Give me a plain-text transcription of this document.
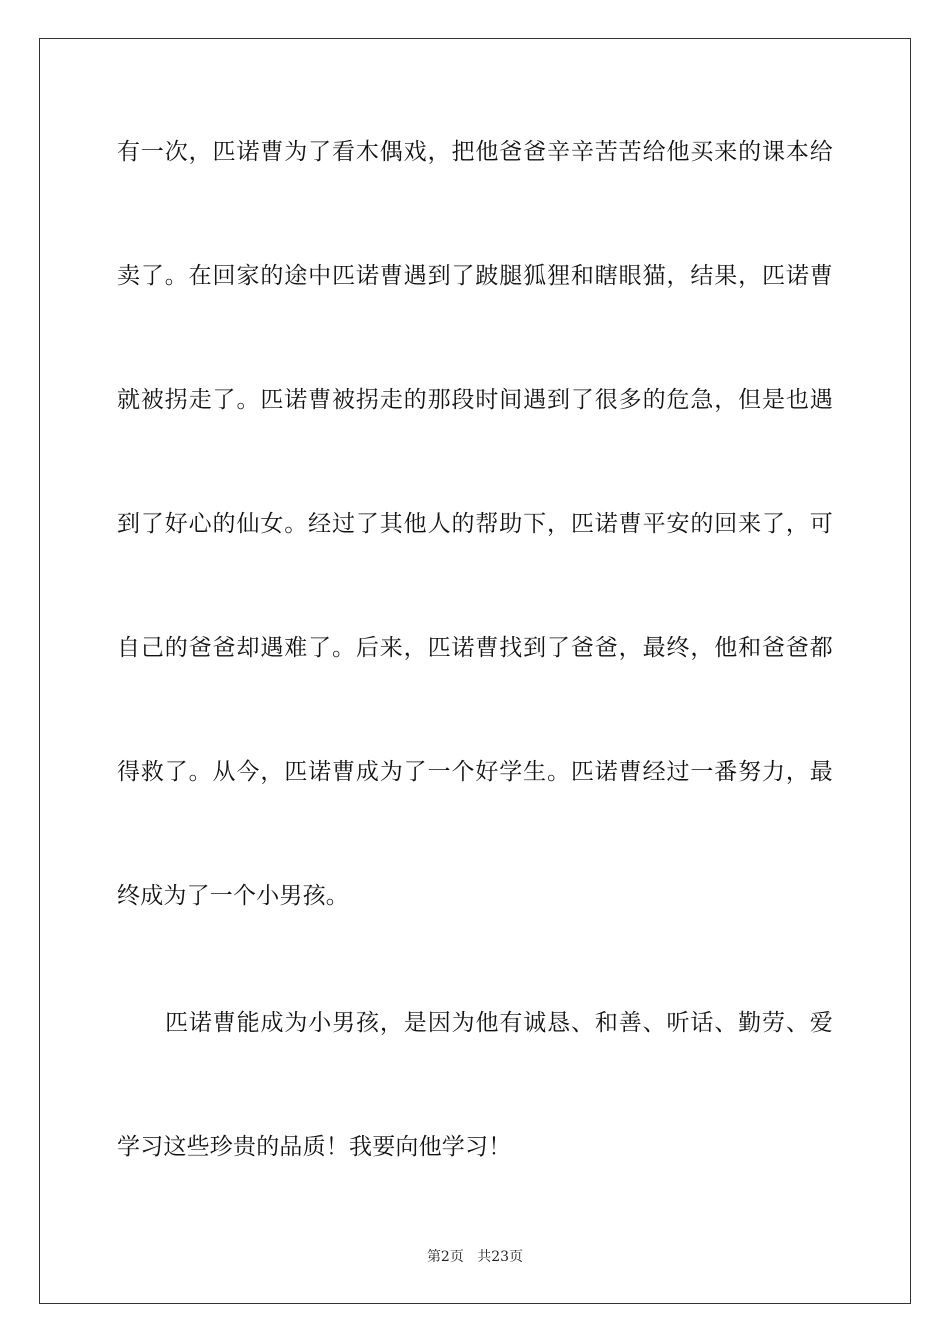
有一次，匹诺曹为了看木偶戏，把他爸爸辛辛苦苦给他买来的课本给
卖了。在回家的途中匹诺曹遇到了跛腿狐狸和瞎眼猫，结果，匹诺曹
就被拐走了。匹诺曹被拐走的那段时间遇到了很多的危急，但是也遇
到了好心的仙女。经过了其他人的帮助下，匹诺曹平安的回来了，可
自己的爸爸却遇难了。后来，匹诺曹找到了爸爸，最终，他和爸爸都
得救了。从今，匹诺曹成为了一个好学生。匹诺曹经过一番努力，最
终成为了一个小男孩。
匹诺曹能成为小男孩，是因为他有诚恳、和善、听话、勤劳、爱
学习这些珍贵的品质！我要向他学习！
第2页 共23页
